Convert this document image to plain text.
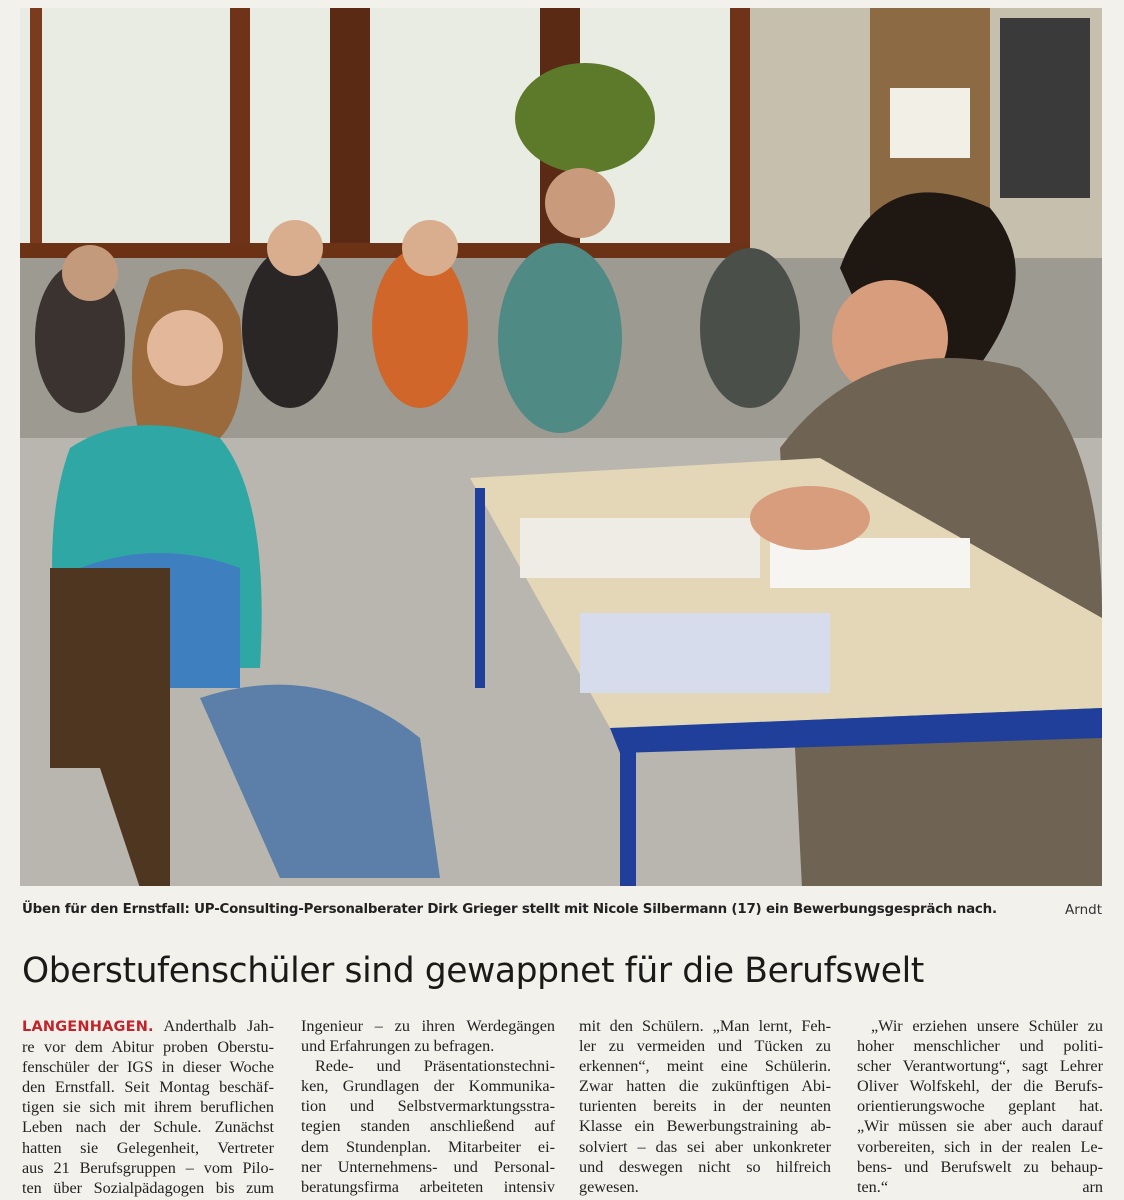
Üben für den Ernstfall: UP-Consulting-Personalberater Dirk Grieger stellt mit Nicole Silbermann (17) ein Bewerbungsgespräch nach.	Arndt
Oberstufenschüler sind gewappnet für die Berufswelt
LANGENHAGEN. Anderthalb Jah-
re vor dem Abitur proben Oberstu-
fenschüler der IGS in dieser Woche
den Ernstfall. Seit Montag beschäf-
tigen sie sich mit ihrem beruflichen
Leben nach der Schule. Zunächst
hatten sie Gelegenheit, Vertreter
aus 21 Berufsgruppen – vom Pilo-
ten über Sozialpädagogen bis zum
Ingenieur – zu ihren Werdegängen
und Erfahrungen zu befragen.
Rede- und Präsentationstechni-
ken, Grundlagen der Kommunika-
tion und Selbstvermarktungsstra-
tegien standen anschließend auf
dem Stundenplan. Mitarbeiter ei-
ner Unternehmens- und Personal-
beratungsfirma arbeiteten intensiv
mit den Schülern. „Man lernt, Feh-
ler zu vermeiden und Tücken zu
erkennen“, meint eine Schülerin.
Zwar hatten die zukünftigen Abi-
turienten bereits in der neunten
Klasse ein Bewerbungstraining ab-
solviert – das sei aber unkonkreter
und deswegen nicht so hilfreich
gewesen.
„Wir erziehen unsere Schüler zu
hoher menschlicher und politi-
scher Verantwortung“, sagt Lehrer
Oliver Wolfskehl, der die Berufs-
orientierungswoche geplant hat.
„Wir müssen sie aber auch darauf
vorbereiten, sich in der realen Le-
bens- und Berufswelt zu behaup-
ten.“	arn
